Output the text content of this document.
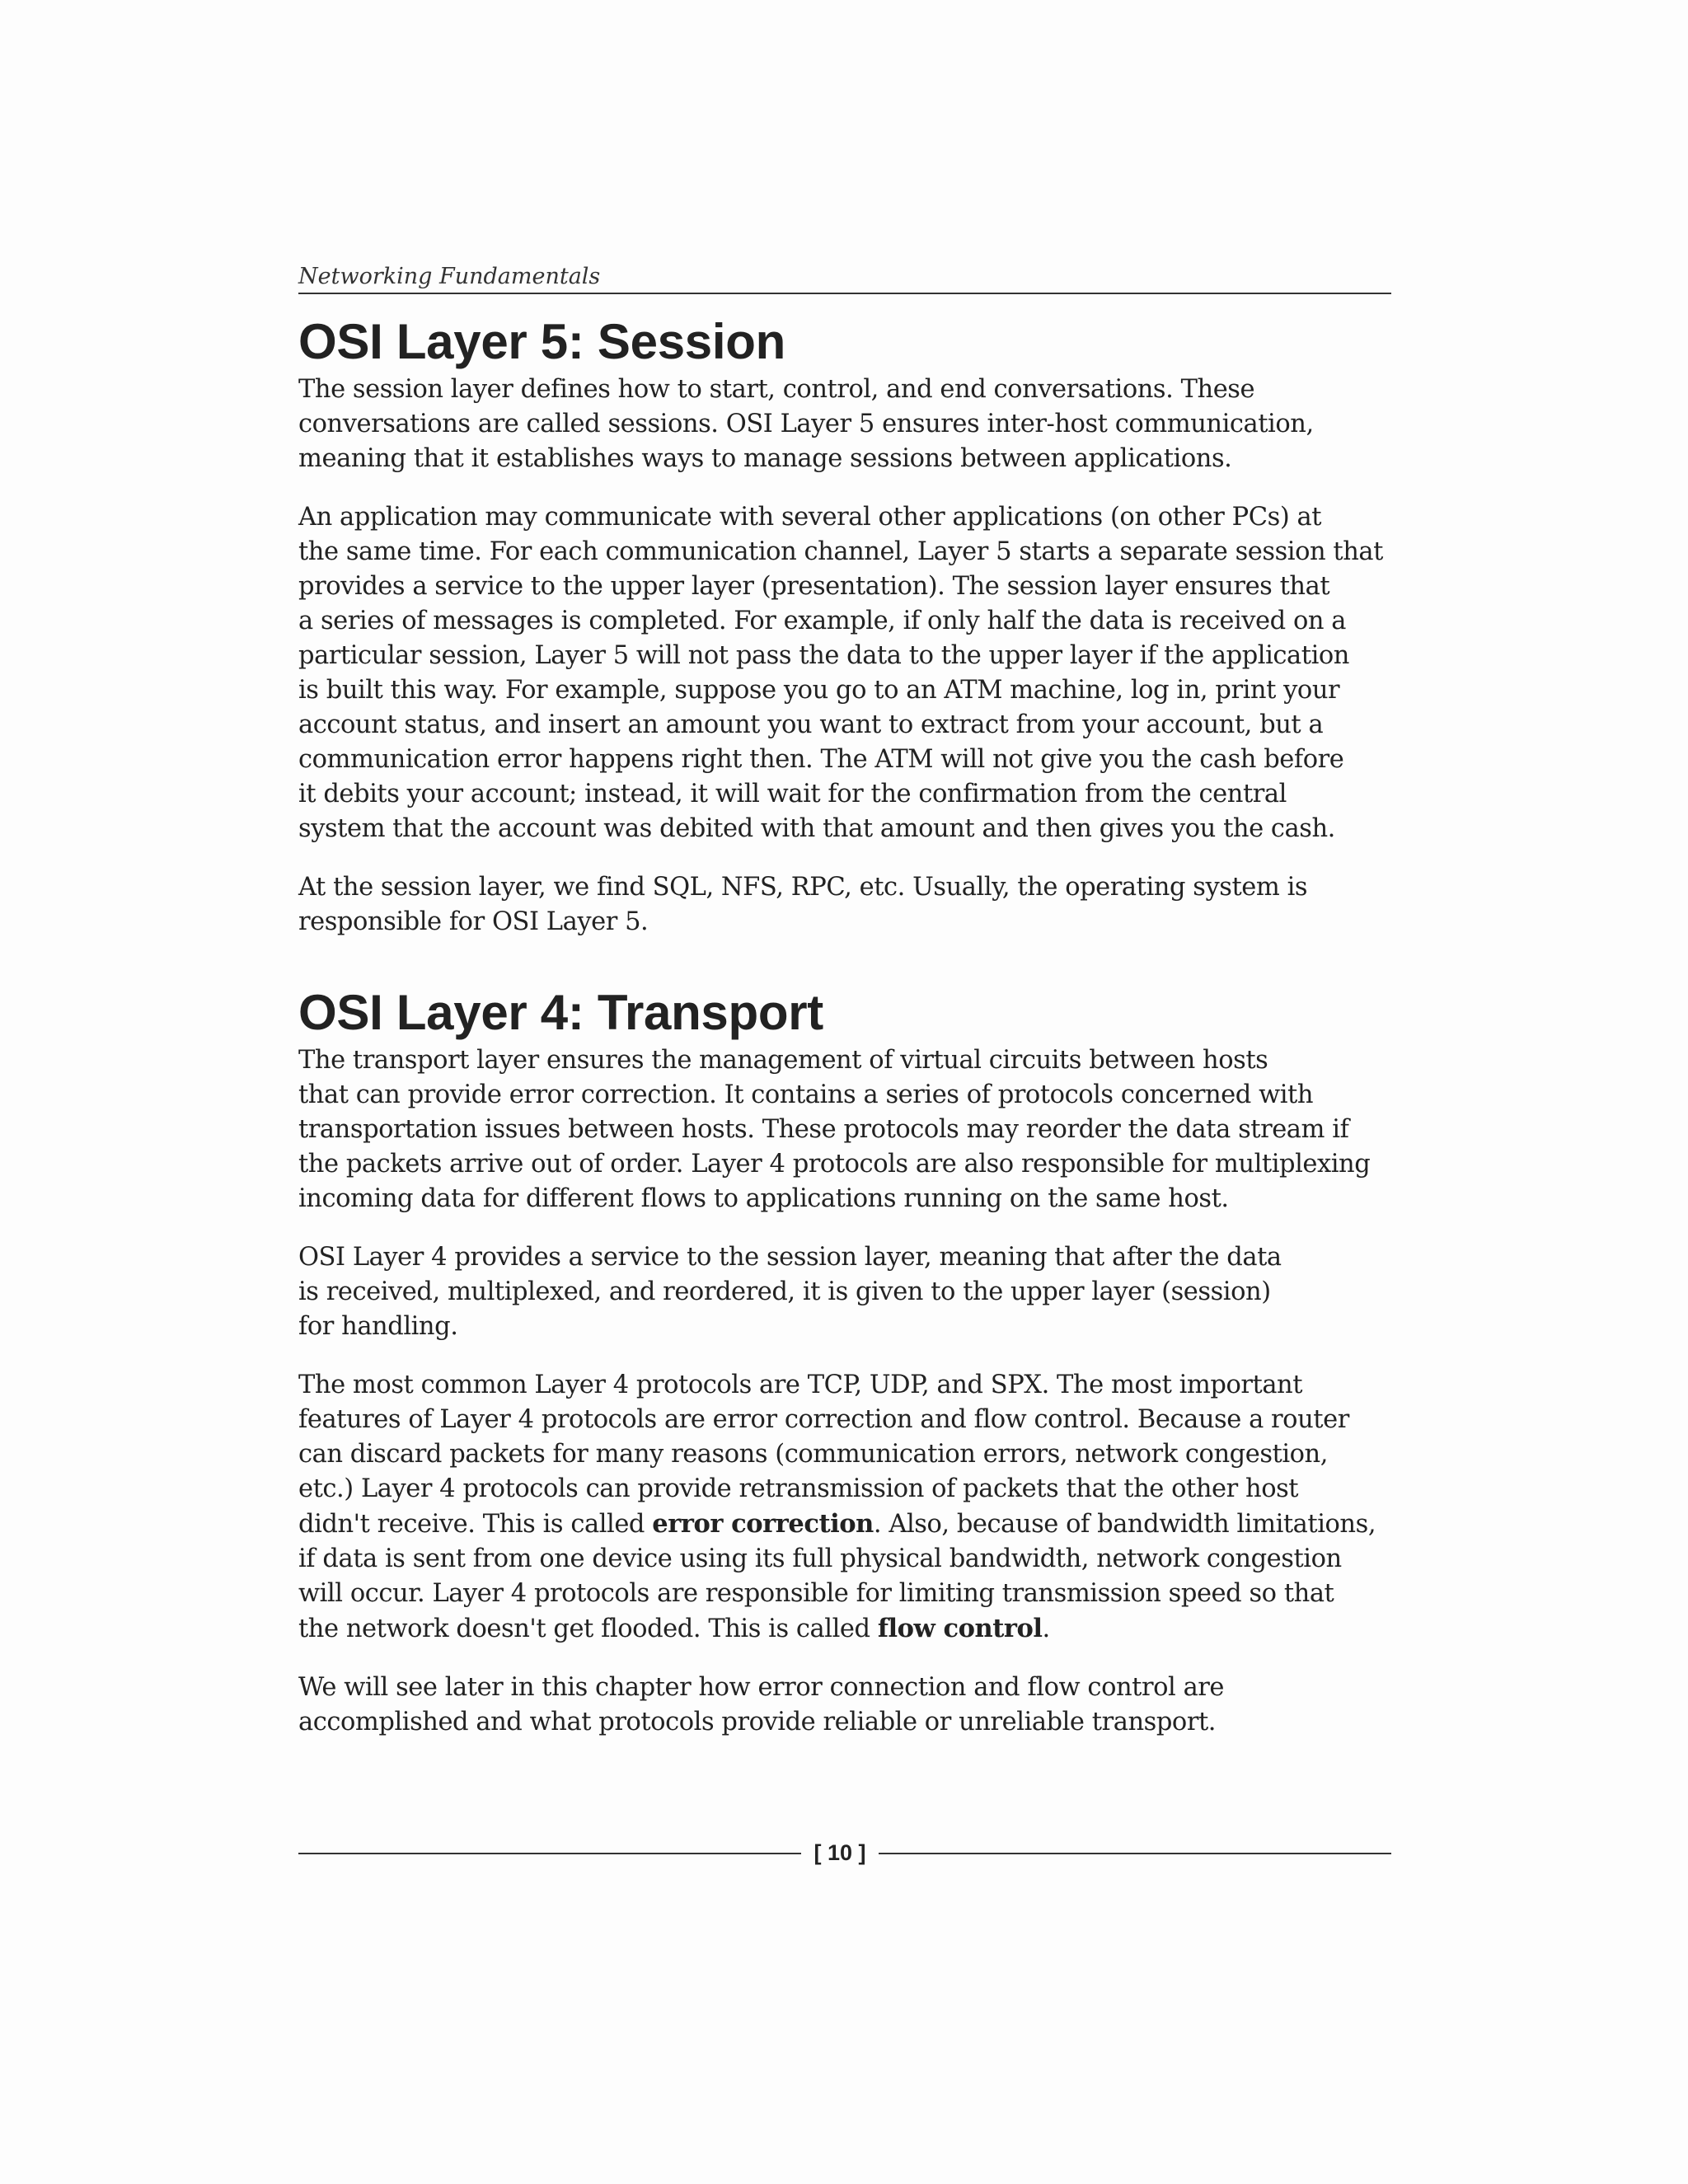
Networking Fundamentals
OSI Layer 5: Session

The session layer defines how to start, control, and end conversations. These
conversations are called sessions. OSI Layer 5 ensures inter-host communication,
meaning that it establishes ways to manage sessions between applications.

An application may communicate with several other applications (on other PCs) at
the same time. For each communication channel, Layer 5 starts a separate session that
provides a service to the upper layer (presentation). The session layer ensures that
a series of messages is completed. For example, if only half the data is received on a
particular session, Layer 5 will not pass the data to the upper layer if the application
is built this way. For example, suppose you go to an ATM machine, log in, print your
account status, and insert an amount you want to extract from your account, but a
communication error happens right then. The ATM will not give you the cash before
it debits your account; instead, it will wait for the confirmation from the central
system that the account was debited with that amount and then gives you the cash.

At the session layer, we find SQL, NFS, RPC, etc. Usually, the operating system is
responsible for OSI Layer 5.

OSI Layer 4: Transport

The transport layer ensures the management of virtual circuits between hosts
that can provide error correction. It contains a series of protocols concerned with
transportation issues between hosts. These protocols may reorder the data stream if
the packets arrive out of order. Layer 4 protocols are also responsible for multiplexing
incoming data for different flows to applications running on the same host.

OSI Layer 4 provides a service to the session layer, meaning that after the data
is received, multiplexed, and reordered, it is given to the upper layer (session)
for handling.

The most common Layer 4 protocols are TCP, UDP, and SPX. The most important
features of Layer 4 protocols are error correction and flow control. Because a router
can discard packets for many reasons (communication errors, network congestion,
etc.) Layer 4 protocols can provide retransmission of packets that the other host
didn't receive. This is called error correction. Also, because of bandwidth limitations,
if data is sent from one device using its full physical bandwidth, network congestion
will occur. Layer 4 protocols are responsible for limiting transmission speed so that
the network doesn't get flooded. This is called flow control.

We will see later in this chapter how error connection and flow control are
accomplished and what protocols provide reliable or unreliable transport.

[ 10 ]
